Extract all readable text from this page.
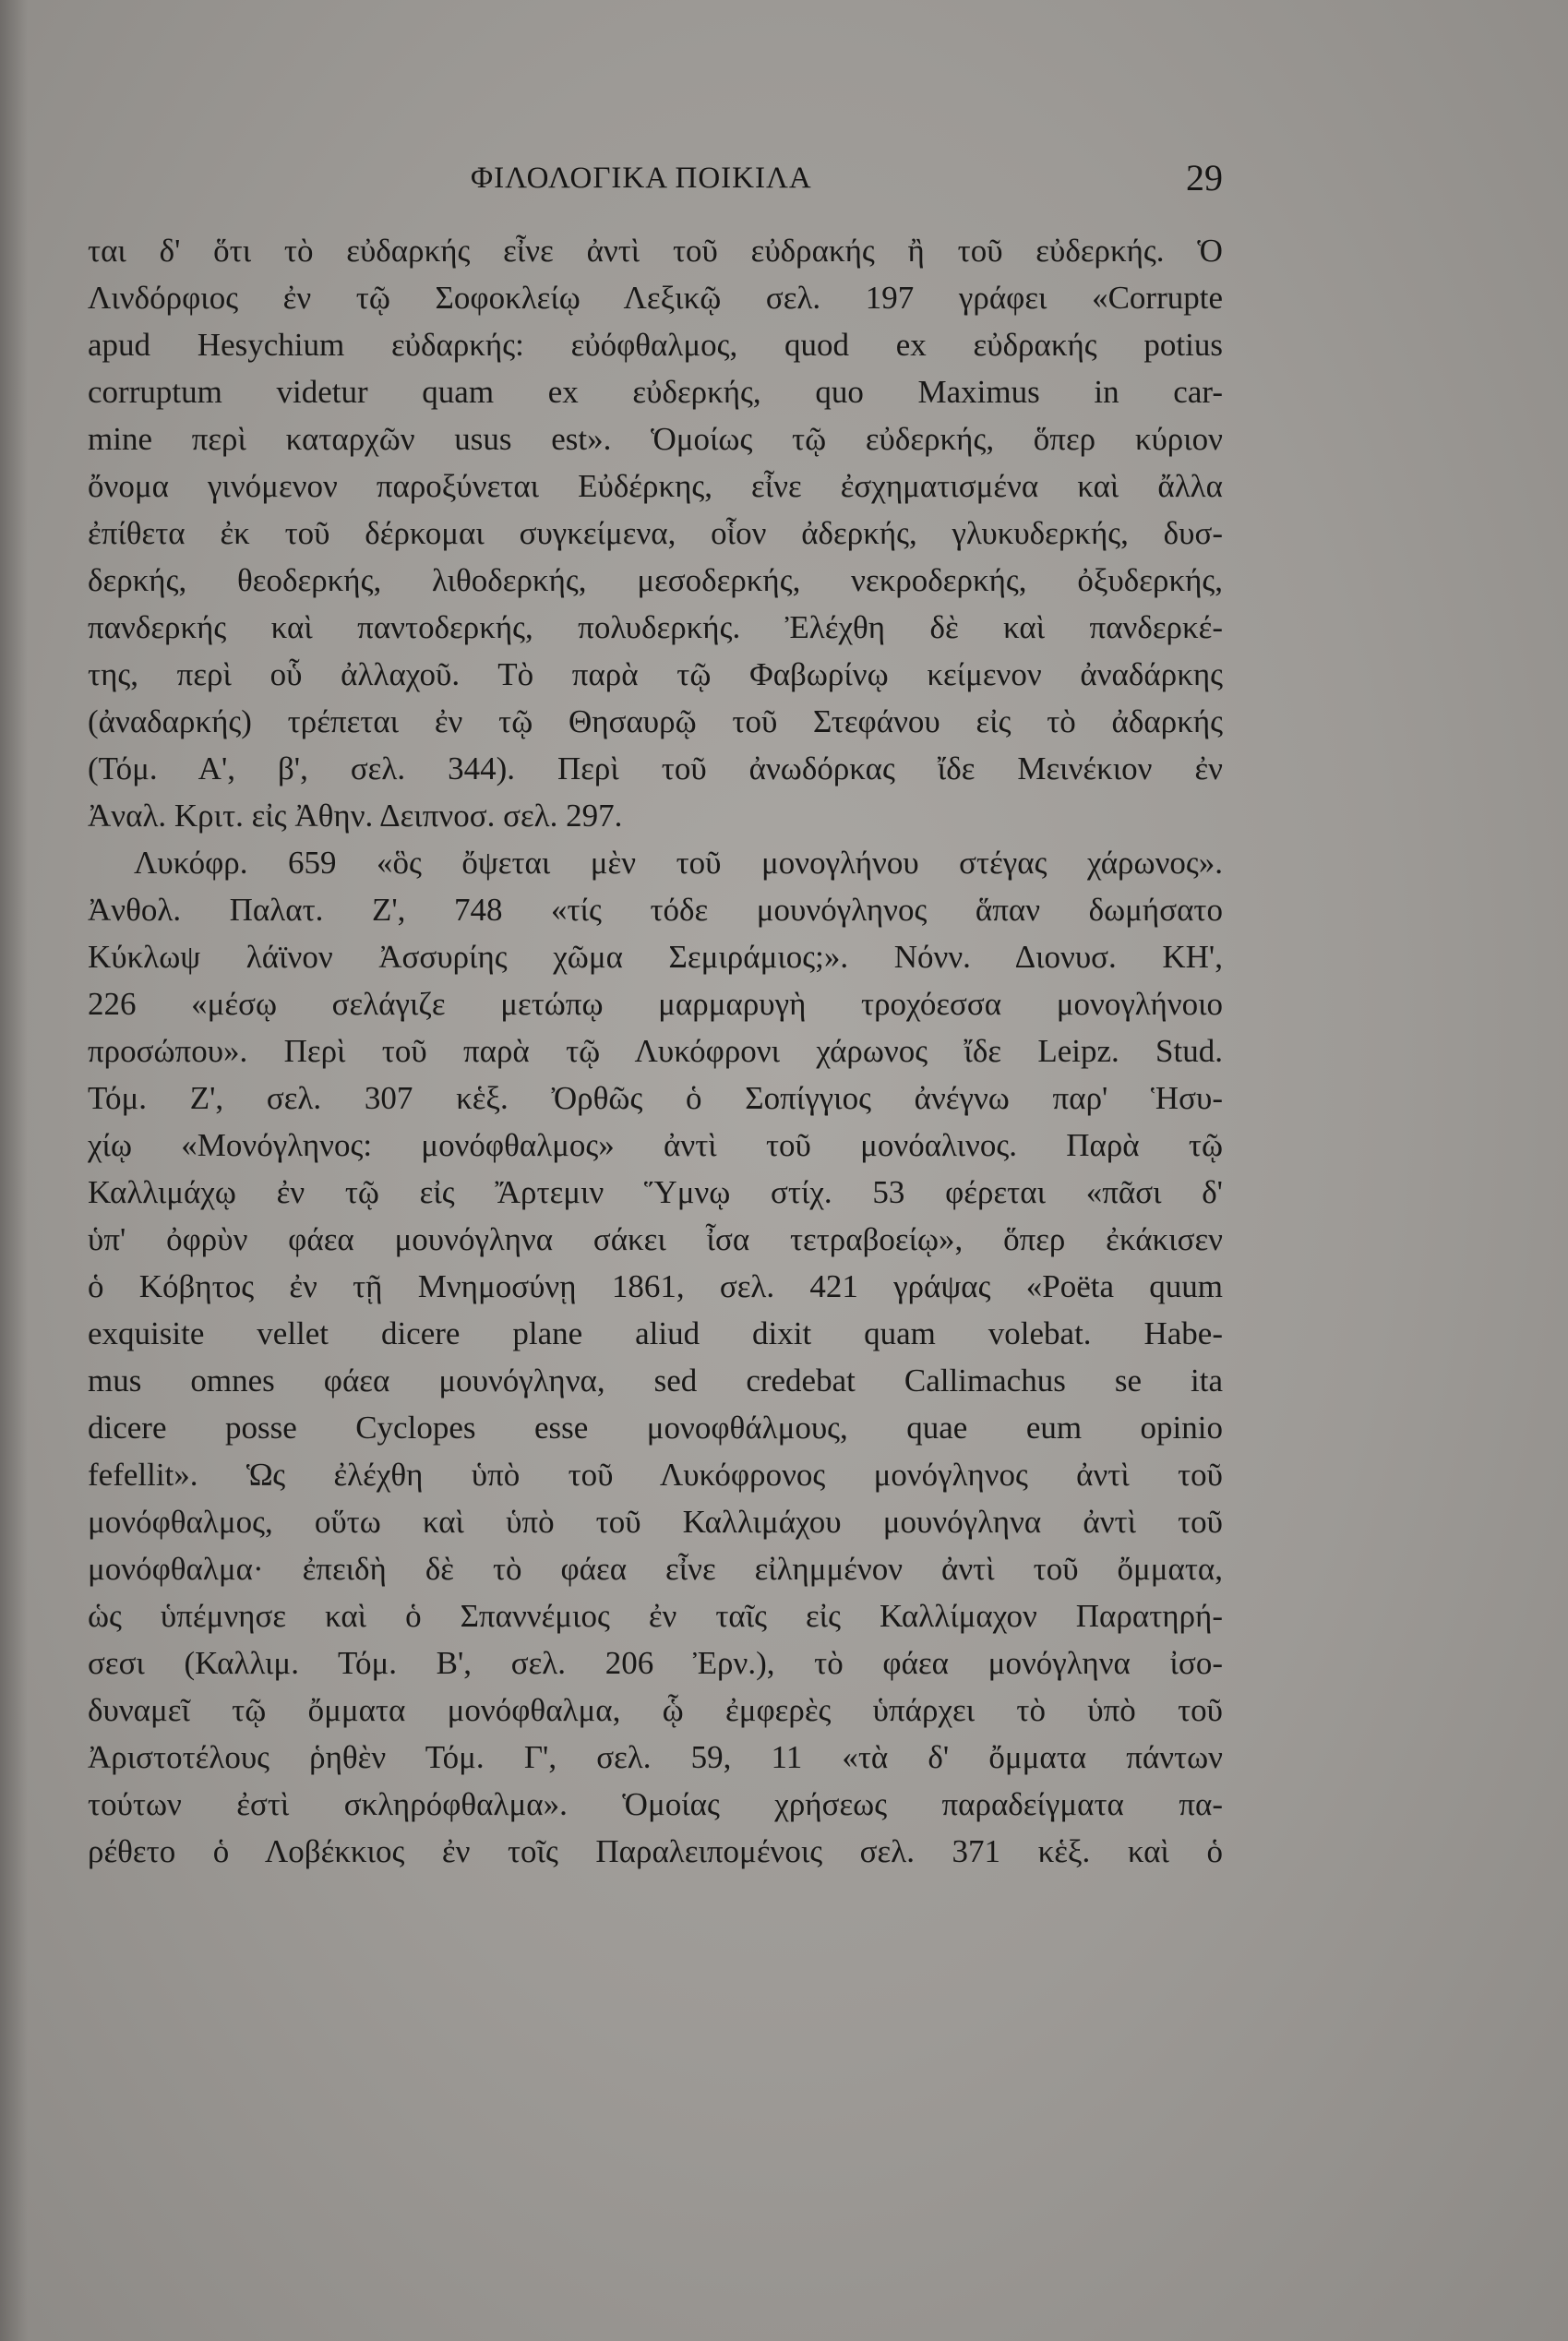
ΦΙΛΟΛΟΓΙΚΑ ΠΟΙΚΙΛΑ	29
ται δ' ὅτι τὸ εὐδαρκής εἶνε ἀντὶ τοῦ εὐδρακής ἢ τοῦ εὐδερκής. Ὁ
Λινδόρφιος ἐν τῷ Σοφοκλείῳ Λεξικῷ σελ. 197 γράφει «Corrupte
apud Hesychium εὐδαρκής: εὐόφθαλμος, quod ex εὐδρακής potius
corruptum videtur quam ex εὐδερκής, quo Maximus in car-
mine περὶ καταρχῶν usus est». Ὁμοίως τῷ εὐδερκής, ὅπερ κύριον
ὄνομα γινόμενον παροξύνεται Εὐδέρκης, εἶνε ἐσχηματισμένα καὶ ἄλλα
ἐπίθετα ἐκ τοῦ δέρκομαι συγκείμενα, οἷον ἀδερκής, γλυκυδερκής, δυσ-
δερκής, θεοδερκής, λιθοδερκής, μεσοδερκής, νεκροδερκής, ὀξυδερκής,
πανδερκής καὶ παντοδερκής, πολυδερκής. Ἐλέχθη δὲ καὶ πανδερκέ-
της, περὶ οὗ ἀλλαχοῦ. Τὸ παρὰ τῷ Φαβωρίνῳ κείμενον ἀναδάρκης
(ἀναδαρκής) τρέπεται ἐν τῷ Θησαυρῷ τοῦ Στεφάνου εἰς τὸ ἀδαρκής
(Τόμ. Α', β', σελ. 344). Περὶ τοῦ ἀνωδόρκας ἴδε Μεινέκιον ἐν
Ἀναλ. Κριτ. εἰς Ἀθην. Δειπνοσ. σελ. 297.
Λυκόφρ. 659 «ὃς ὄψεται μὲν τοῦ μονογλήνου στέγας χάρωνος».
Ἀνθολ. Παλατ. Ζ', 748 «τίς τόδε μουνόγληνος ἅπαν δωμήσατο
Κύκλωψ λάϊνον Ἀσσυρίης χῶμα Σεμιράμιος;». Νόνν. Διονυσ. ΚΗ',
226 «μέσῳ σελάγιζε μετώπῳ μαρμαρυγὴ τροχόεσσα μονογλήνοιο
προσώπου». Περὶ τοῦ παρὰ τῷ Λυκόφρονι χάρωνος ἴδε Leipz. Stud.
Τόμ. Ζ', σελ. 307 κἑξ. Ὀρθῶς ὁ Σοπίγγιος ἀνέγνω παρ' Ἡσυ-
χίῳ «Μονόγληνος: μονόφθαλμος» ἀντὶ τοῦ μονόαλινος. Παρὰ τῷ
Καλλιμάχῳ ἐν τῷ εἰς Ἄρτεμιν Ὕμνῳ στίχ. 53 φέρεται «πᾶσι δ'
ὑπ' ὀφρὺν φάεα μουνόγληνα σάκει ἶσα τετραβοείῳ», ὅπερ ἐκάκισεν
ὁ Κόβητος ἐν τῇ Μνημοσύνῃ 1861, σελ. 421 γράψας «Poëta quum
exquisite vellet dicere plane aliud dixit quam volebat. Habe-
mus omnes φάεα μουνόγληνα, sed credebat Callimachus se ita
dicere posse Cyclopes esse μονοφθάλμους, quae eum opinio
fefellit». Ὡς ἐλέχθη ὑπὸ τοῦ Λυκόφρονος μονόγληνος ἀντὶ τοῦ
μονόφθαλμος, οὕτω καὶ ὑπὸ τοῦ Καλλιμάχου μουνόγληνα ἀντὶ τοῦ
μονόφθαλμα· ἐπειδὴ δὲ τὸ φάεα εἶνε εἰλημμένον ἀντὶ τοῦ ὄμματα,
ὡς ὑπέμνησε καὶ ὁ Σπαννέμιος ἐν ταῖς εἰς Καλλίμαχον Παρατηρή-
σεσι (Καλλιμ. Τόμ. Β', σελ. 206 Ἐρν.), τὸ φάεα μονόγληνα ἰσο-
δυναμεῖ τῷ ὄμματα μονόφθαλμα, ᾧ ἐμφερὲς ὑπάρχει τὸ ὑπὸ τοῦ
Ἀριστοτέλους ῥηθὲν Τόμ. Γ', σελ. 59, 11 «τὰ δ' ὄμματα πάντων
τούτων ἐστὶ σκληρόφθαλμα». Ὁμοίας χρήσεως παραδείγματα πα-
ρέθετο ὁ Λοβέκκιος ἐν τοῖς Παραλειπομένοις σελ. 371 κἑξ. καὶ ὁ
